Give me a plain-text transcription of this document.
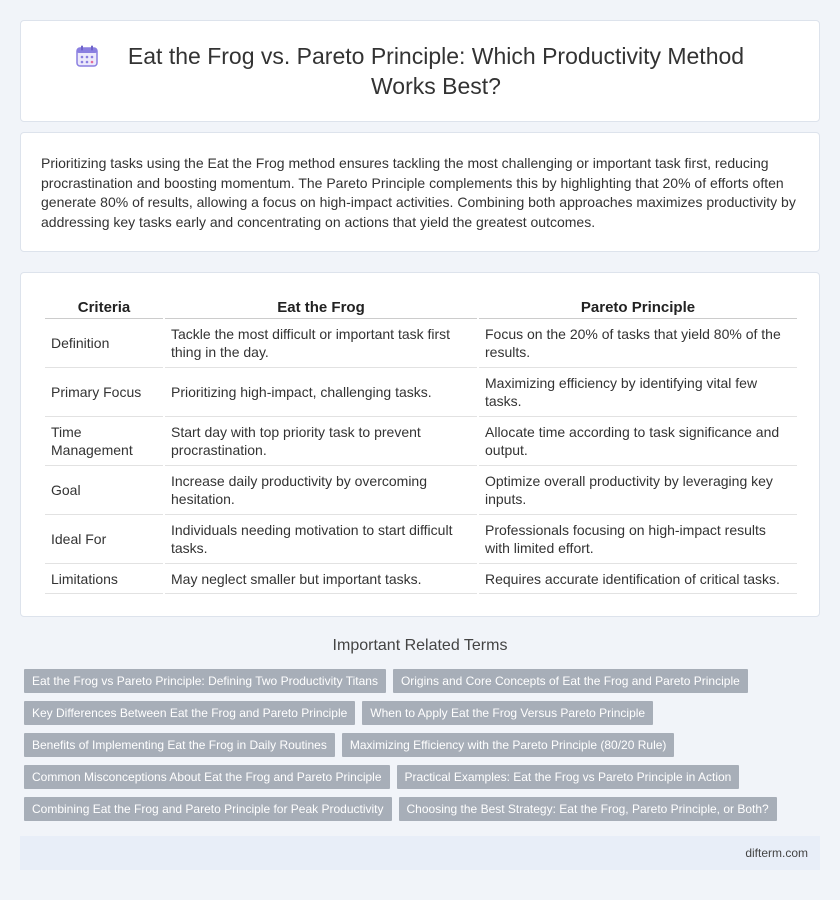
Eat the Frog vs. Pareto Principle: Which Productivity Method Works Best?

Prioritizing tasks using the Eat the Frog method ensures tackling the most challenging or important task first, reducing procrastination and boosting momentum. The Pareto Principle complements this by highlighting that 20% of efforts often generate 80% of results, allowing a focus on high-impact activities. Combining both approaches maximizes productivity by addressing key tasks early and concentrating on actions that yield the greatest outcomes.

Criteria	Eat the Frog	Pareto Principle
Definition	Tackle the most difficult or important task first thing in the day.	Focus on the 20% of tasks that yield 80% of the results.
Primary Focus	Prioritizing high-impact, challenging tasks.	Maximizing efficiency by identifying vital few tasks.
Time Management	Start day with top priority task to prevent procrastination.	Allocate time according to task significance and output.
Goal	Increase daily productivity by overcoming hesitation.	Optimize overall productivity by leveraging key inputs.
Ideal For	Individuals needing motivation to start difficult tasks.	Professionals focusing on high-impact results with limited effort.
Limitations	May neglect smaller but important tasks.	Requires accurate identification of critical tasks.
Important Related Terms
Eat the Frog vs Pareto Principle: Defining Two Productivity Titans	Origins and Core Concepts of Eat the Frog and Pareto Principle
Key Differences Between Eat the Frog and Pareto Principle	When to Apply Eat the Frog Versus Pareto Principle
Benefits of Implementing Eat the Frog in Daily Routines	Maximizing Efficiency with the Pareto Principle (80/20 Rule)
Common Misconceptions About Eat the Frog and Pareto Principle	Practical Examples: Eat the Frog vs Pareto Principle in Action
Combining Eat the Frog and Pareto Principle for Peak Productivity	Choosing the Best Strategy: Eat the Frog, Pareto Principle, or Both?
difterm.com
